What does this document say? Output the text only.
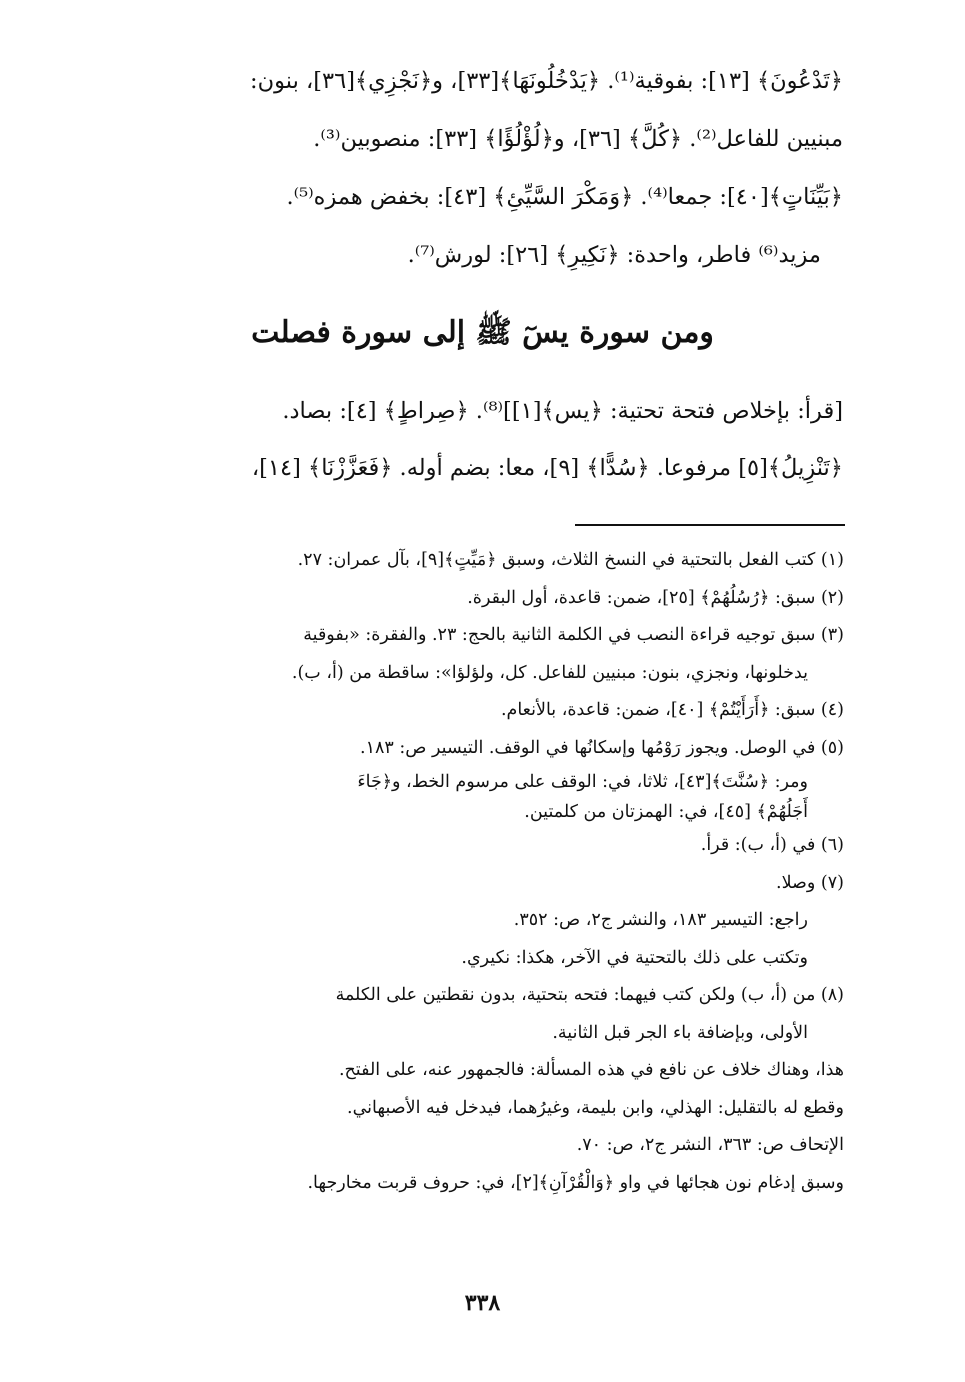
﴿تَدْعُونَ﴾ [١٣]: بفوقية⁽¹⁾. ﴿يَدْخُلُونَهَا﴾[٣٣]، و﴿نَجْزِي﴾[٣٦]، بنون:

مبنيين للفاعل⁽²⁾. ﴿كُلَّ﴾ [٣٦]، و﴿لُؤْلُؤًا﴾ [٣٣]: منصوبين⁽³⁾.

﴿بَيِّنَاتٍ﴾[٤٠]: جمعا⁽⁴⁾. ﴿وَمَكْرَ السَّيِّئِ﴾ [٤٣]: بخفض همزه⁽⁵⁾.

مزيد⁽⁶⁾ فاطر، واحدة: ﴿نَكِيرِ﴾ [٢٦]: لورش⁽⁷⁾.

ومن سورة يسٓ ﷺ إلى سورة فصلت

[قرأ: بإخلاص فتحة تحتية: ﴿يس﴾[١]]⁽⁸⁾. ﴿صِراطٍ﴾ [٤]: بصاد.

﴿تَنْزِيلُ﴾[٥] مرفوعا. ﴿سُدًّا﴾ [٩]، معا: بضم أوله. ﴿فَعَزَّزْنَا﴾ [١٤]،

(١) كتب الفعل بالتحتية في النسخ الثلاث، وسبق ﴿مَيِّتٍ﴾[٩]، بآل عمران: ٢٧.

(٢) سبق: ﴿رُسُلُهُمْ﴾ [٢٥]، ضمن: قاعدة، أول البقرة.

(٣) سبق توجيه قراءة النصب في الكلمة الثانية بالحج: ٢٣. والفقرة: «بفوقية

يدخلونها، ونجزي، بنون: مبنيين للفاعل. كل، ولؤلؤا»: ساقطة من (أ، ب).

(٤) سبق: ﴿أَرَأَيْتُمْ﴾ [٤٠]، ضمن: قاعدة، بالأنعام.

(٥) في الوصل. ويجوز رَوْمُها وإسكانُها في الوقف. التيسير ص: ١٨٣.

ومر: ﴿سُنَّتَ﴾[٤٣]، ثلاثا، في: الوقف على مرسوم الخط، و﴿جَاءَ

أَجَلُهُمْ﴾ [٤٥]، في: الهمزتان من كلمتين.

(٦) في (أ، ب): قرأ.

(٧) وصلا.

راجع: التيسير ١٨٣، والنشر ج٢، ص: ٣٥٢.

وتكتب على ذلك بالتحتية في الآخر، هكذا: نكيري.

(٨) من (أ، ب) ولكن كتب فيهما: فتحه بتحتية، بدون نقطتين على الكلمة

الأولى، وبإضافة باء الجر قبل الثانية.

هذا، وهناك خلاف عن نافع في هذه المسألة: فالجمهور عنه، على الفتح.

وقطع له بالتقليل: الهذلي، وابن بليمة، وغيرُهما، فيدخل فيه الأصبهاني.

الإتحاف ص: ٣٦٣، النشر ج٢، ص: ٧٠.

وسبق إدغام نون هجائها في واو ﴿وَالْقُرْآنِ﴾[٢]، في: حروف قربت مخارجها.

٣٣٨
